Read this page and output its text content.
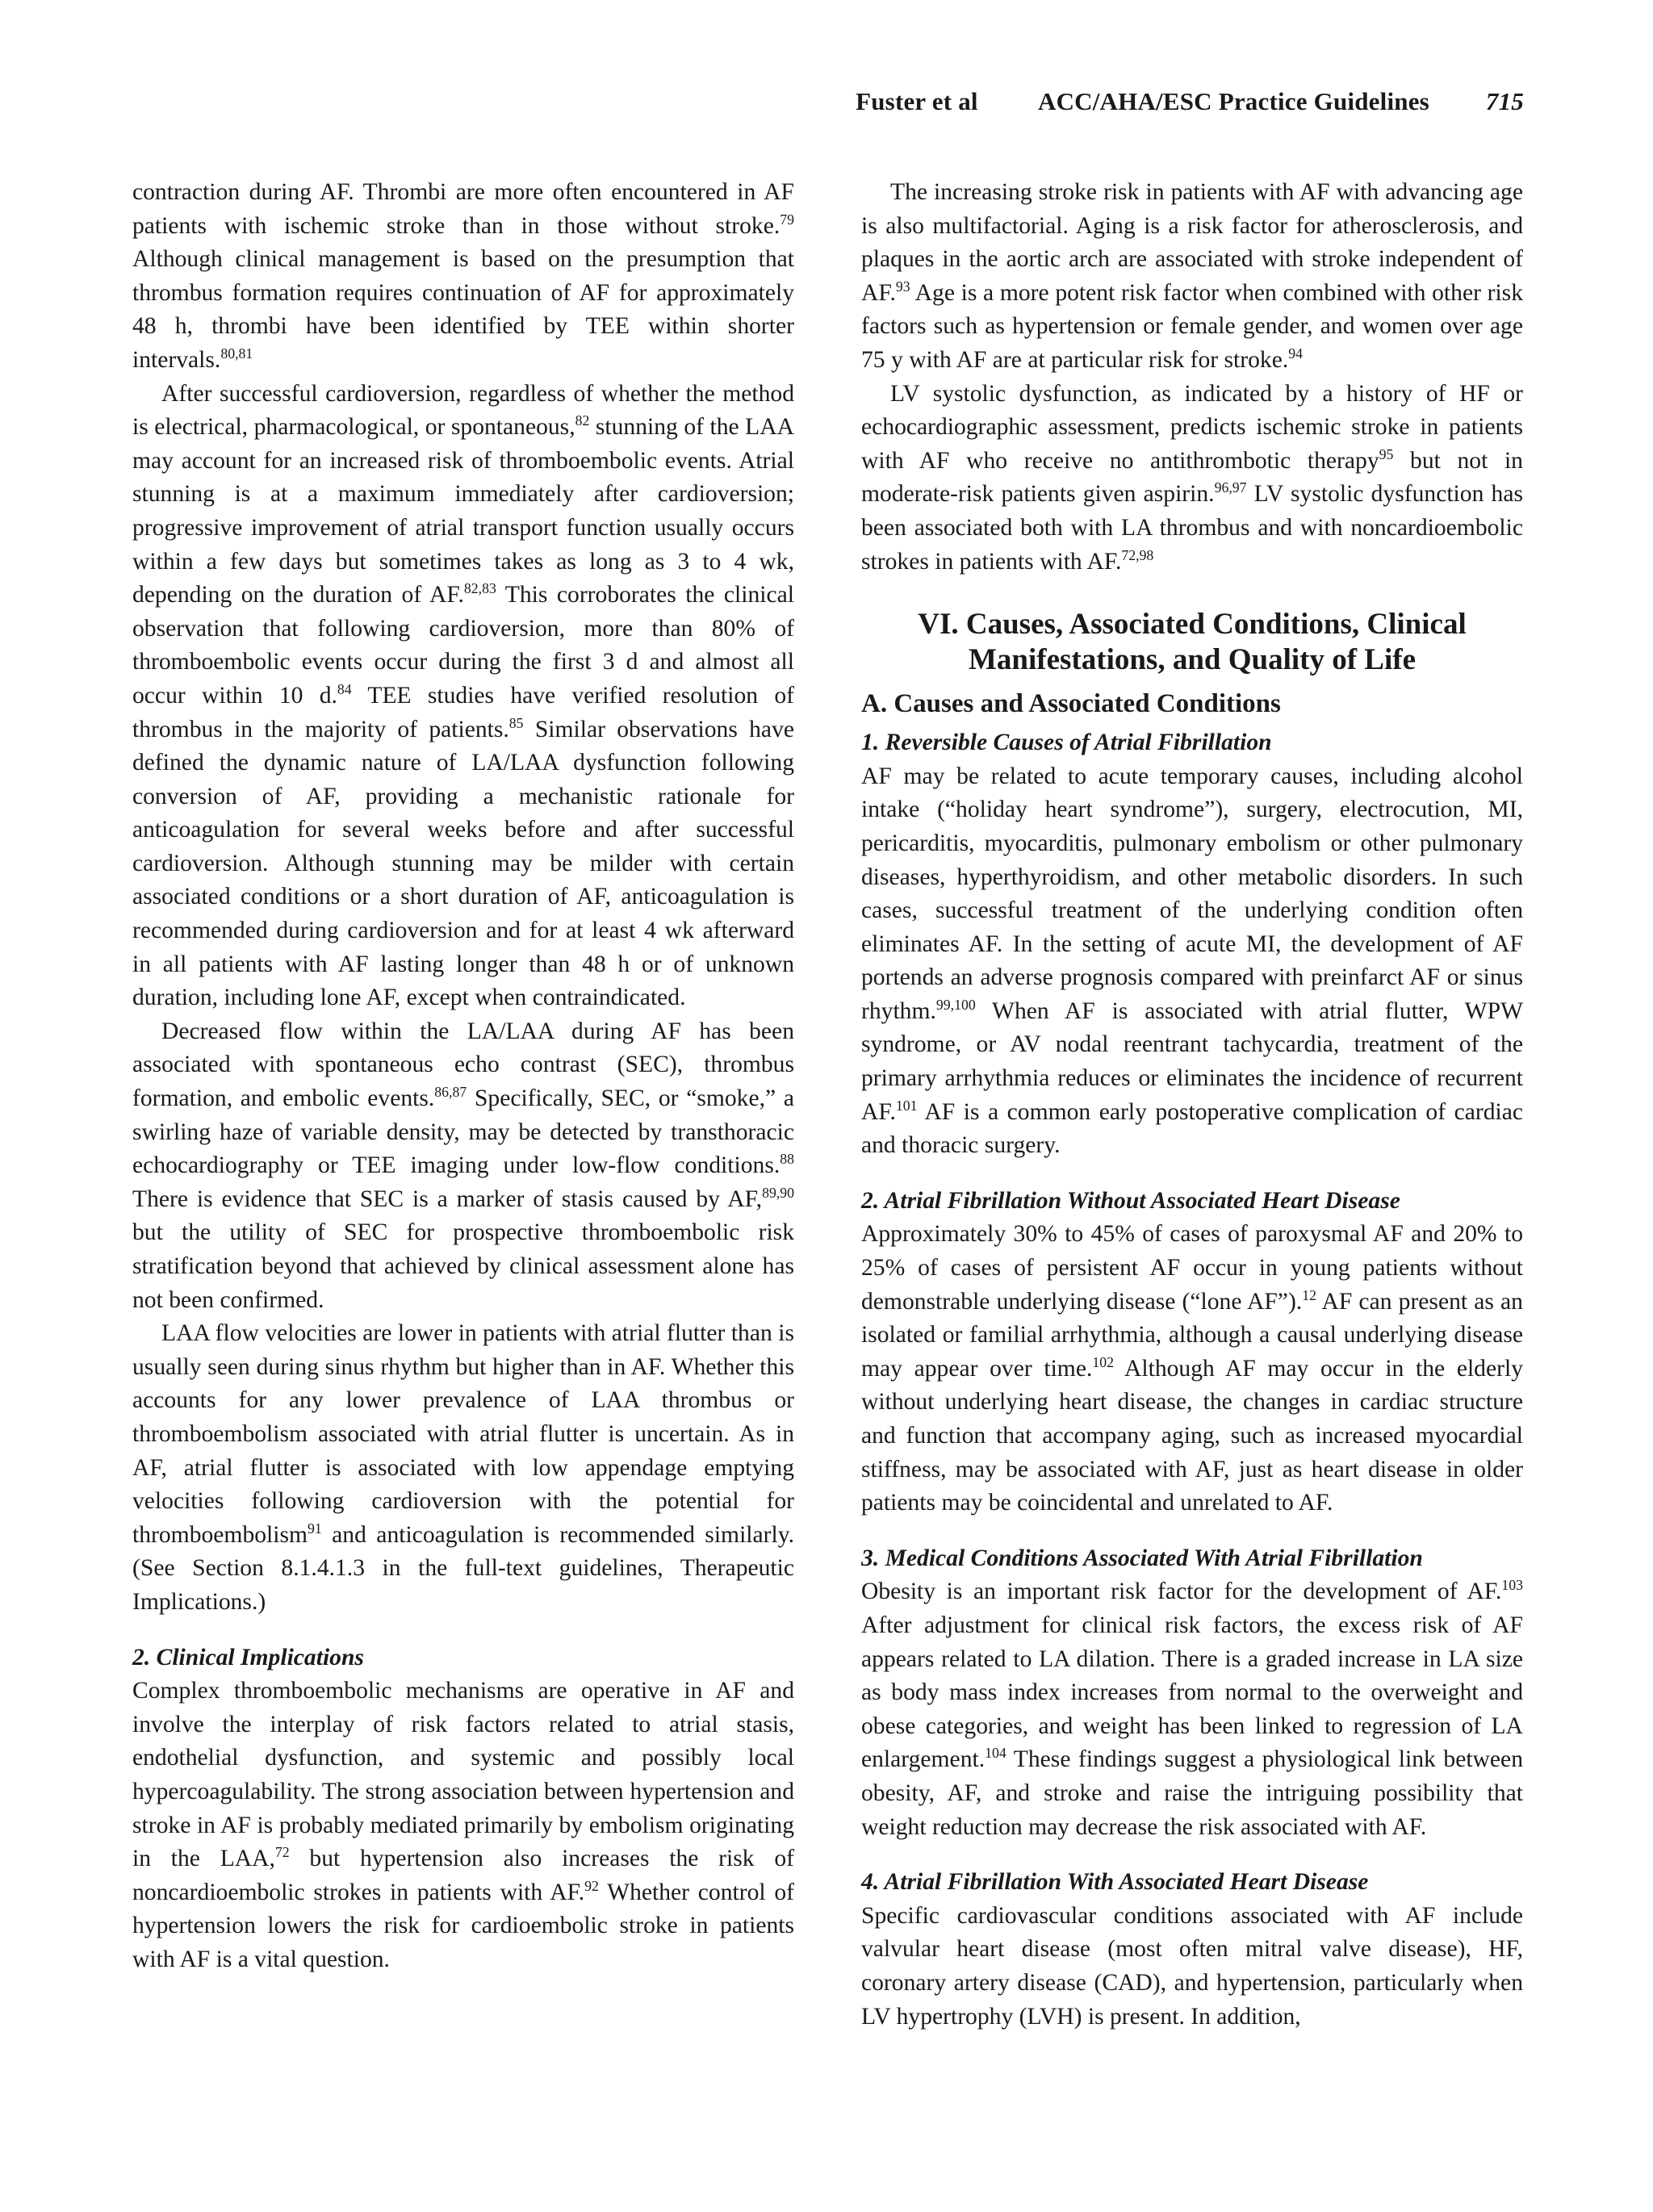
Fuster et al ACC/AHA/ESC Practice Guidelines 715

contraction during AF. Thrombi are more often encountered in AF patients with ischemic stroke than in those without stroke.$^{79}$ Although clinical management is based on the presumption that thrombus formation requires continuation of AF for approximately 48 h, thrombi have been identified by TEE within shorter intervals.$^{80,81}$

After successful cardioversion, regardless of whether the method is electrical, pharmacological, or spontaneous,$^{82}$ stunning of the LAA may account for an increased risk of thromboembolic events. Atrial stunning is at a maximum immediately after cardioversion; progressive improvement of atrial transport function usually occurs within a few days but sometimes takes as long as 3 to 4 wk, depending on the duration of AF.$^{82,83}$ This corroborates the clinical observation that following cardioversion, more than 80% of thromboembolic events occur during the first 3 d and almost all occur within 10 d.$^{84}$ TEE studies have verified resolution of thrombus in the majority of patients.$^{85}$ Similar observations have defined the dynamic nature of LA/LAA dysfunction following conversion of AF, providing a mechanistic rationale for anticoagulation for several weeks before and after successful cardioversion. Although stunning may be milder with certain associated conditions or a short duration of AF, anticoagulation is recommended during cardioversion and for at least 4 wk afterward in all patients with AF lasting longer than 48 h or of unknown duration, including lone AF, except when contraindicated.

Decreased flow within the LA/LAA during AF has been associated with spontaneous echo contrast (SEC), thrombus formation, and embolic events.$^{86,87}$ Specifically, SEC, or “smoke,” a swirling haze of variable density, may be detected by transthoracic echocardiography or TEE imaging under low-flow conditions.$^{88}$ There is evidence that SEC is a marker of stasis caused by AF,$^{89,90}$ but the utility of SEC for prospective thromboembolic risk stratification beyond that achieved by clinical assessment alone has not been confirmed.

LAA flow velocities are lower in patients with atrial flutter than is usually seen during sinus rhythm but higher than in AF. Whether this accounts for any lower prevalence of LAA thrombus or thromboembolism associated with atrial flutter is uncertain. As in AF, atrial flutter is associated with low appendage emptying velocities following cardioversion with the potential for thromboembolism$^{91}$ and anticoagulation is recommended similarly. (See Section 8.1.4.1.3 in the full-text guidelines, Therapeutic Implications.)

2. Clinical Implications

Complex thromboembolic mechanisms are operative in AF and involve the interplay of risk factors related to atrial stasis, endothelial dysfunction, and systemic and possibly local hypercoagulability. The strong association between hypertension and stroke in AF is probably mediated primarily by embolism originating in the LAA,$^{72}$ but hypertension also increases the risk of noncardioembolic strokes in patients with AF.$^{92}$ Whether control of hypertension lowers the risk for cardioembolic stroke in patients with AF is a vital question.

The increasing stroke risk in patients with AF with advancing age is also multifactorial. Aging is a risk factor for atherosclerosis, and plaques in the aortic arch are associated with stroke independent of AF.$^{93}$ Age is a more potent risk factor when combined with other risk factors such as hypertension or female gender, and women over age 75 y with AF are at particular risk for stroke.$^{94}$

LV systolic dysfunction, as indicated by a history of HF or echocardiographic assessment, predicts ischemic stroke in patients with AF who receive no antithrombotic therapy$^{95}$ but not in moderate-risk patients given aspirin.$^{96,97}$ LV systolic dysfunction has been associated both with LA thrombus and with noncardioembolic strokes in patients with AF.$^{72,98}$

VI. Causes, Associated Conditions, Clinical
Manifestations, and Quality of Life
A. Causes and Associated Conditions
1. Reversible Causes of Atrial Fibrillation

AF may be related to acute temporary causes, including alcohol intake (“holiday heart syndrome”), surgery, electrocution, MI, pericarditis, myocarditis, pulmonary embolism or other pulmonary diseases, hyperthyroidism, and other metabolic disorders. In such cases, successful treatment of the underlying condition often eliminates AF. In the setting of acute MI, the development of AF portends an adverse prognosis compared with preinfarct AF or sinus rhythm.$^{99,100}$ When AF is associated with atrial flutter, WPW syndrome, or AV nodal reentrant tachycardia, treatment of the primary arrhythmia reduces or eliminates the incidence of recurrent AF.$^{101}$ AF is a common early postoperative complication of cardiac and thoracic surgery.

2. Atrial Fibrillation Without Associated Heart Disease

Approximately 30% to 45% of cases of paroxysmal AF and 20% to 25% of cases of persistent AF occur in young patients without demonstrable underlying disease (“lone AF”).$^{12}$ AF can present as an isolated or familial arrhythmia, although a causal underlying disease may appear over time.$^{102}$ Although AF may occur in the elderly without underlying heart disease, the changes in cardiac structure and function that accompany aging, such as increased myocardial stiffness, may be associated with AF, just as heart disease in older patients may be coincidental and unrelated to AF.

3. Medical Conditions Associated With Atrial Fibrillation

Obesity is an important risk factor for the development of AF.$^{103}$ After adjustment for clinical risk factors, the excess risk of AF appears related to LA dilation. There is a graded increase in LA size as body mass index increases from normal to the overweight and obese categories, and weight has been linked to regression of LA enlargement.$^{104}$ These findings suggest a physiological link between obesity, AF, and stroke and raise the intriguing possibility that weight reduction may decrease the risk associated with AF.

4. Atrial Fibrillation With Associated Heart Disease

Specific cardiovascular conditions associated with AF include valvular heart disease (most often mitral valve disease), HF, coronary artery disease (CAD), and hypertension, particularly when LV hypertrophy (LVH) is present. In addition,
